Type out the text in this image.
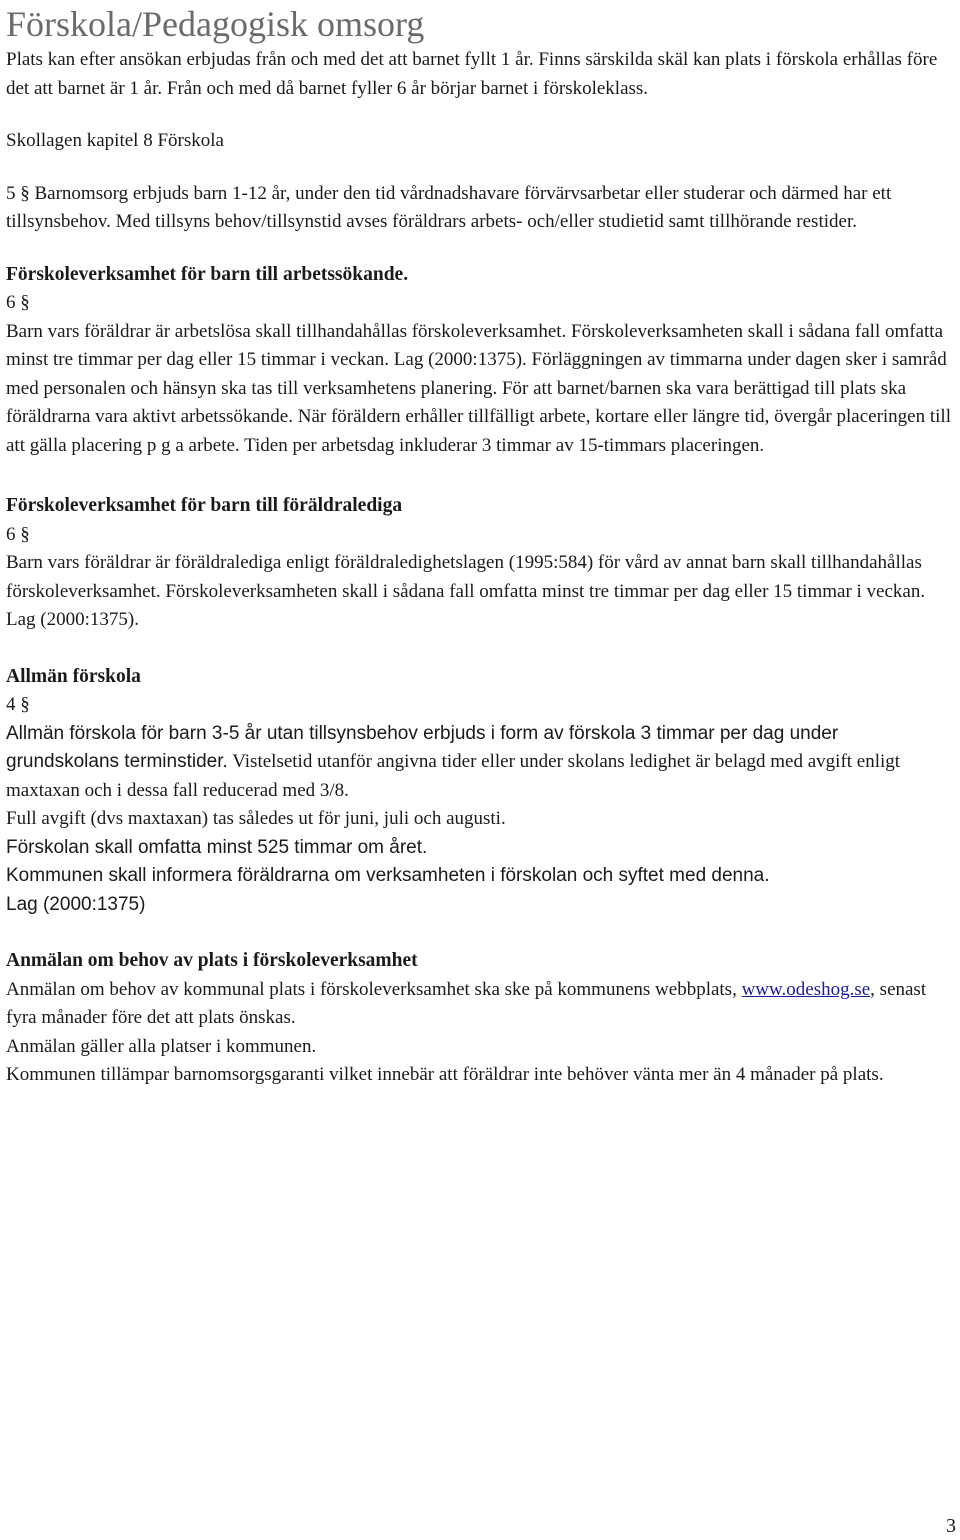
Förskola/Pedagogisk omsorg

Plats kan efter ansökan erbjudas från och med det att barnet fyllt 1 år. Finns särskilda skäl kan plats i förskola erhållas före det att barnet är 1 år. Från och med då barnet fyller 6 år börjar barnet i förskoleklass.

Skollagen kapitel 8 Förskola

5 § Barnomsorg erbjuds barn 1-12 år, under den tid vårdnadshavare förvärvsarbetar eller studerar och därmed har ett tillsynsbehov. Med tillsyns behov/tillsynstid avses föräldrars arbets- och/eller studietid samt tillhörande restider.

Förskoleverksamhet för barn till arbetssökande.

6 §

Barn vars föräldrar är arbetslösa skall tillhandahållas förskoleverksamhet. Förskoleverksamheten skall i sådana fall omfatta minst tre timmar per dag eller 15 timmar i veckan. Lag (2000:1375). Förläggningen av timmarna under dagen sker i samråd med personalen och hänsyn ska tas till verksamhetens planering. För att barnet/barnen ska vara berättigad till plats ska föräldrarna vara aktivt arbetssökande. När föräldern erhåller tillfälligt arbete, kortare eller längre tid, övergår placeringen till att gälla placering p g a arbete. Tiden per arbetsdag inkluderar 3 timmar av 15-timmars placeringen.

Förskoleverksamhet för barn till föräldralediga

6 §

Barn vars föräldrar är föräldralediga enligt föräldraledighetslagen (1995:584) för vård av annat barn skall tillhandahållas förskoleverksamhet. Förskoleverksamheten skall i sådana fall omfatta minst tre timmar per dag eller 15 timmar i veckan. Lag (2000:1375).

Allmän förskola

4 §

Allmän förskola för barn 3-5 år utan tillsynsbehov erbjuds i form av förskola 3 timmar per dag under grundskolans terminstider. Vistelsetid utanför angivna tider eller under skolans ledighet är belagd med avgift enligt maxtaxan och i dessa fall reducerad med 3/8.

Full avgift (dvs maxtaxan) tas således ut för juni, juli och augusti.

Förskolan skall omfatta minst 525 timmar om året.

Kommunen skall informera föräldrarna om verksamheten i förskolan och syftet med denna.

Lag (2000:1375)

Anmälan om behov av plats i förskoleverksamhet

Anmälan om behov av kommunal plats i förskoleverksamhet ska ske på kommunens webbplats, www.odeshog.se, senast fyra månader före det att plats önskas.

Anmälan gäller alla platser i kommunen.

Kommunen tillämpar barnomsorgsgaranti vilket innebär att föräldrar inte behöver vänta mer än 4 månader på plats.

3
